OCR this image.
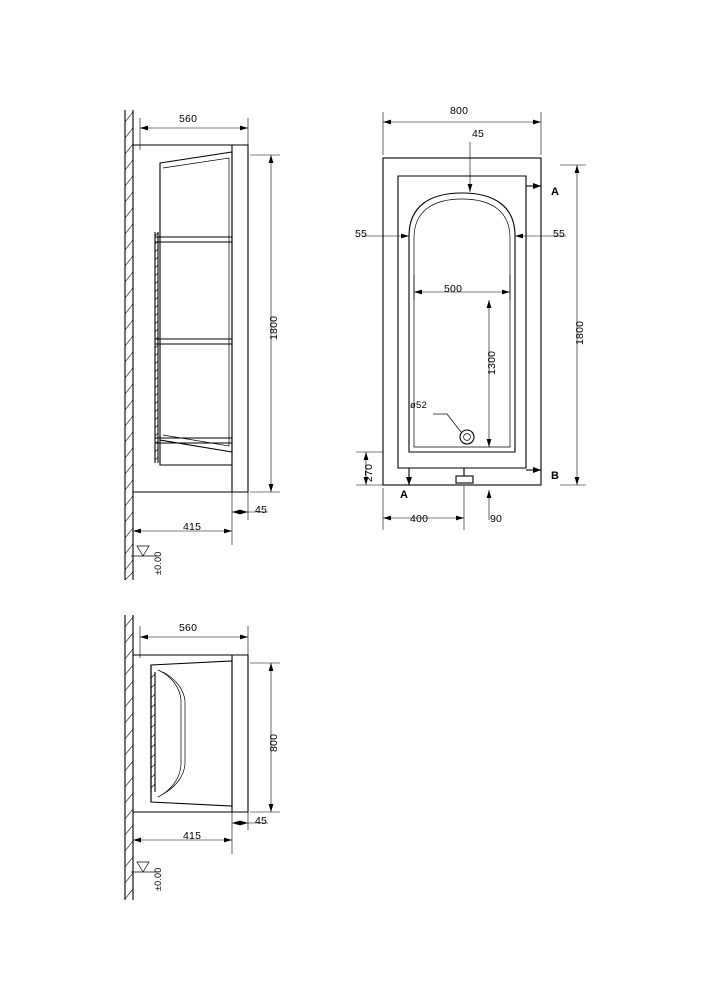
560
1800
415
45
±0.00
800
45
55	55
500
1300
1800
ø52
270
400	90
A
B
A
560
800
415
45
±0.00
